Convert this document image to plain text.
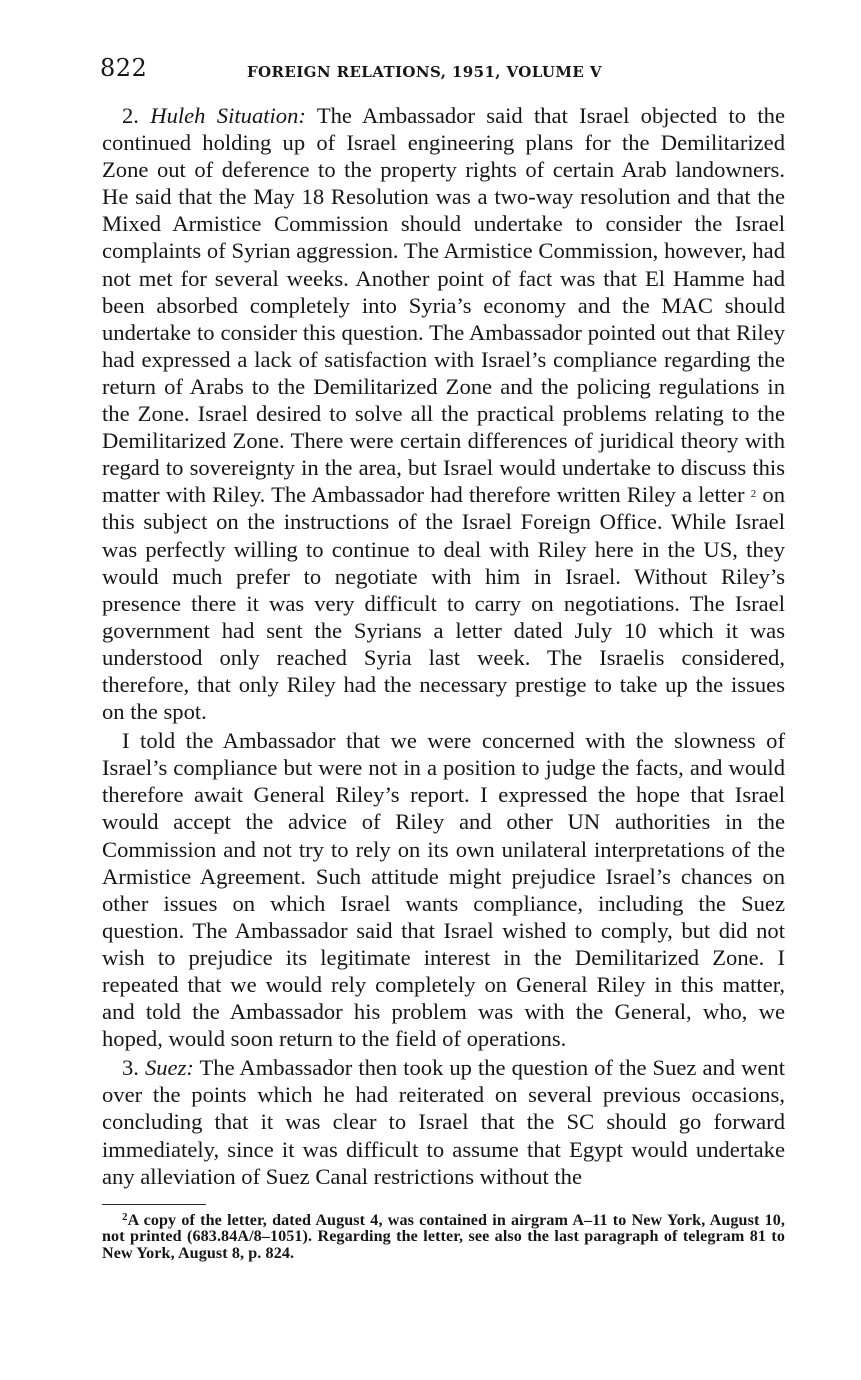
822	FOREIGN RELATIONS, 1951, VOLUME V

2. Huleh Situation: The Ambassador said that Israel objected to the continued holding up of Israel engineering plans for the Demilitarized Zone out of deference to the property rights of certain Arab landowners. He said that the May 18 Resolution was a two-way resolution and that the Mixed Armistice Commission should undertake to consider the Israel complaints of Syrian aggression. The Armistice Commission, however, had not met for several weeks. Another point of fact was that El Hamme had been absorbed completely into Syria’s economy and the MAC should undertake to consider this question. The Ambassador pointed out that Riley had expressed a lack of satisfaction with Israel’s compliance regarding the return of Arabs to the Demilitarized Zone and the policing regulations in the Zone. Israel desired to solve all the practical problems relating to the Demilitarized Zone. There were certain differences of juridical theory with regard to sovereignty in the area, but Israel would undertake to discuss this matter with Riley. The Ambassador had therefore written Riley a letter $^2$ on this subject on the instructions of the Israel Foreign Office. While Israel was perfectly willing to continue to deal with Riley here in the US, they would much prefer to negotiate with him in Israel. Without Riley’s presence there it was very difficult to carry on negotiations. The Israel government had sent the Syrians a letter dated July 10 which it was understood only reached Syria last week. The Israelis considered, therefore, that only Riley had the necessary prestige to take up the issues on the spot.

I told the Ambassador that we were concerned with the slowness of Israel’s compliance but were not in a position to judge the facts, and would therefore await General Riley’s report. I expressed the hope that Israel would accept the advice of Riley and other UN authorities in the Commission and not try to rely on its own unilateral interpretations of the Armistice Agreement. Such attitude might prejudice Israel’s chances on other issues on which Israel wants compliance, including the Suez question. The Ambassador said that Israel wished to comply, but did not wish to prejudice its legitimate interest in the Demilitarized Zone. I repeated that we would rely completely on General Riley in this matter, and told the Ambassador his problem was with the General, who, we hoped, would soon return to the field of operations.

3. Suez: The Ambassador then took up the question of the Suez and went over the points which he had reiterated on several previous occasions, concluding that it was clear to Israel that the SC should go forward immediately, since it was difficult to assume that Egypt would undertake any alleviation of Suez Canal restrictions without the

$^2$A copy of the letter, dated August 4, was contained in airgram A–11 to New York, August 10, not printed (683.84A/8–1051). Regarding the letter, see also the last paragraph of telegram 81 to New York, August 8, p. 824.
